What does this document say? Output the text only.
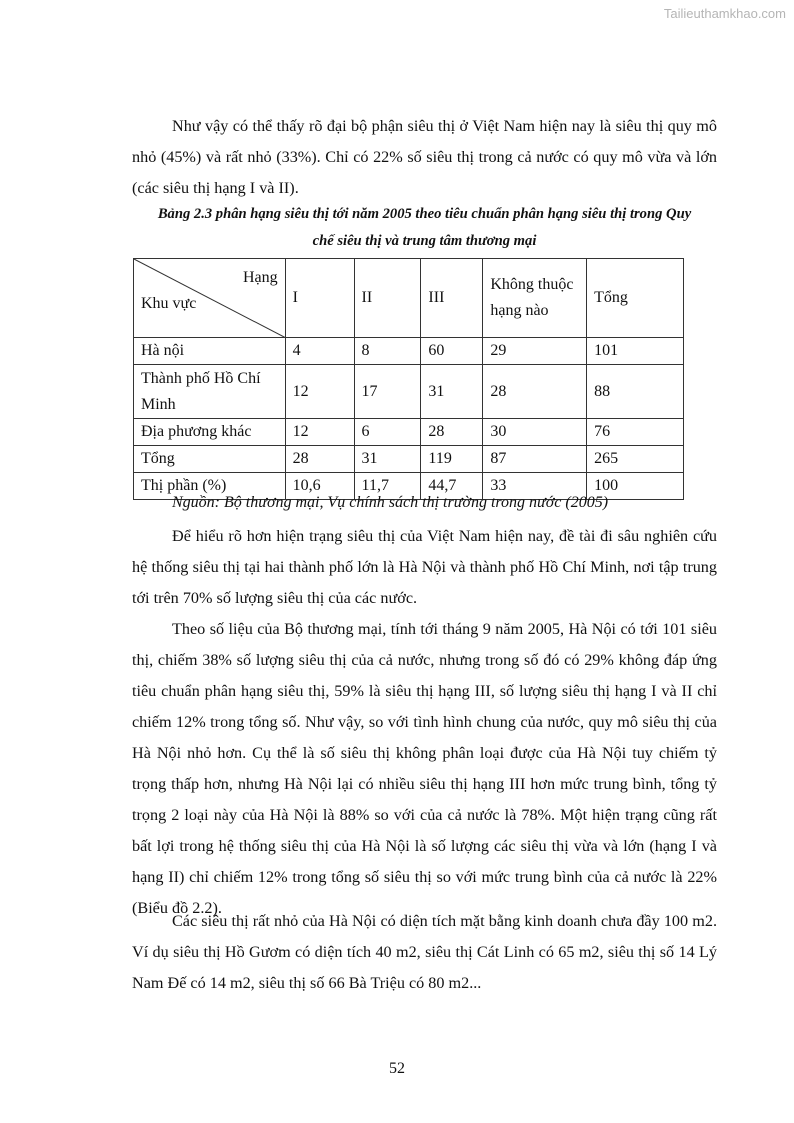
Tailieuthamkhao.com

Như vậy có thể thấy rõ đại bộ phận siêu thị ở Việt Nam hiện nay là siêu thị quy mô nhỏ (45%) và rất nhỏ (33%). Chỉ có 22% số siêu thị trong cả nước có quy mô vừa và lớn (các siêu thị hạng I và II).

Bảng 2.3 phân hạng siêu thị tới năm 2005 theo tiêu chuẩn phân hạng siêu thị trong Quy
chế siêu thị và trung tâm thương mại

Hạng
Khu vực	I	II	III	Không thuộc hạng nào	Tổng
Hà nội	4	8	60	29	101
Thành phố Hồ Chí Minh	12	17	31	28	88
Địa phương khác	12	6	28	30	76
Tổng	28	31	119	87	265
Thị phần (%)	10,6	11,7	44,7	33	100

Nguồn: Bộ thương mại, Vụ chính sách thị trường trong nước (2005)

Để hiểu rõ hơn hiện trạng siêu thị của Việt Nam hiện nay, đề tài đi sâu nghiên cứu hệ thống siêu thị tại hai thành phố lớn là Hà Nội và thành phố Hồ Chí Minh, nơi tập trung tới trên 70% số lượng siêu thị của các nước.

Theo số liệu của Bộ thương mại, tính tới tháng 9 năm 2005, Hà Nội có tới 101 siêu thị, chiếm 38% số lượng siêu thị của cả nước, nhưng trong số đó có 29% không đáp ứng tiêu chuẩn phân hạng siêu thị, 59% là siêu thị hạng III, số lượng siêu thị hạng I và II chỉ chiếm 12% trong tổng số. Như vậy, so với tình hình chung của nước, quy mô siêu thị của Hà Nội nhỏ hơn. Cụ thể là số siêu thị không phân loại được của Hà Nội tuy chiếm tỷ trọng thấp hơn, nhưng Hà Nội lại có nhiều siêu thị hạng III hơn mức trung bình, tổng tỷ trọng 2 loại này của Hà Nội là 88% so với của cả nước là 78%. Một hiện trạng cũng rất bất lợi trong hệ thống siêu thị của Hà Nội là số lượng các siêu thị vừa và lớn (hạng I và hạng II) chỉ chiếm 12% trong tổng số siêu thị so với mức trung bình của cả nước là 22% (Biểu đồ 2.2).

Các siêu thị rất nhỏ của Hà Nội có diện tích mặt bằng kinh doanh chưa đầy 100 m2. Ví dụ siêu thị Hồ Gươm có diện tích 40 m2, siêu thị Cát Linh có 65 m2, siêu thị số 14 Lý Nam Đế có 14 m2, siêu thị số 66 Bà Triệu có 80 m2...

52
